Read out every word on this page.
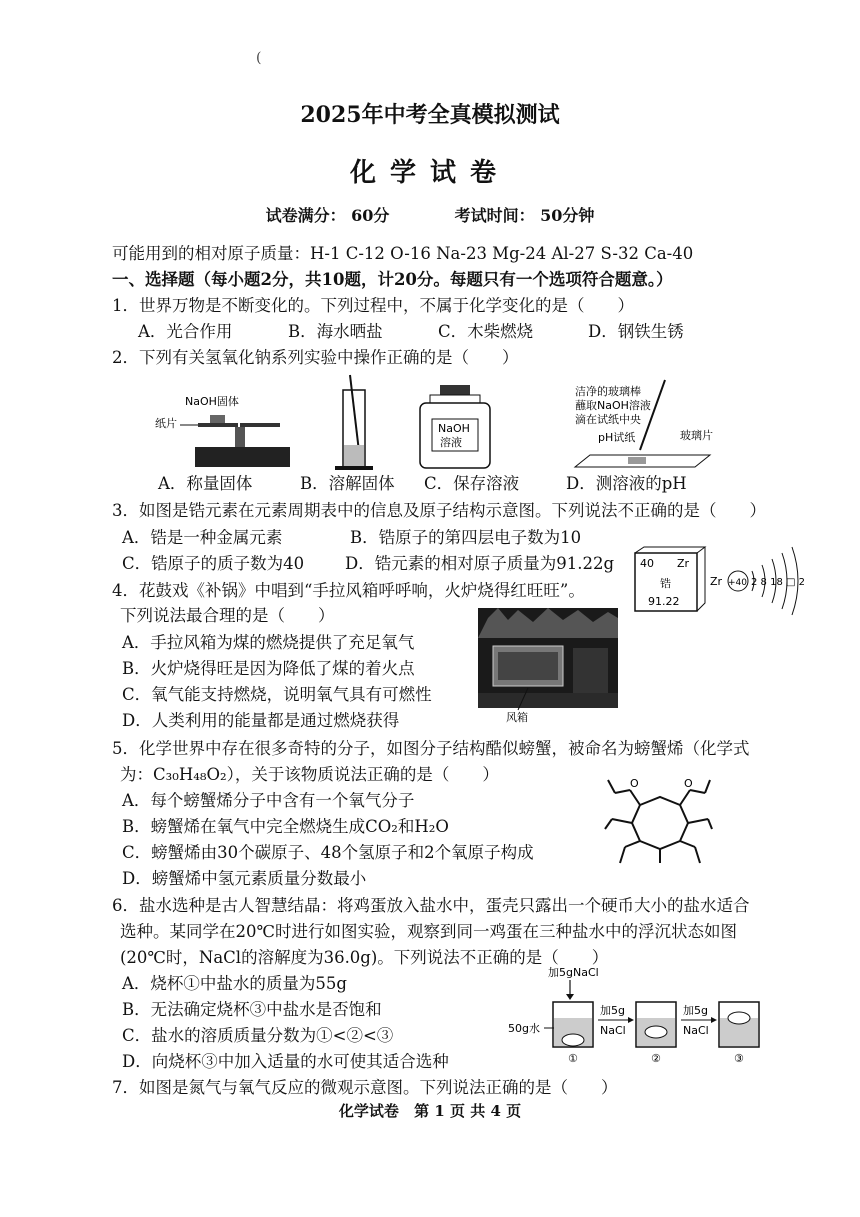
(
2025年中考全真模拟测试
化学试卷
试卷满分： 60分	考试时间： 50分钟
可能用到的相对原子质量：H-1 C-12 O-16 Na-23 Mg-24 Al-27 S-32 Ca-40
一、选择题（每小题2分，共10题，计20分。每题只有一个选项符合题意。）
1．世界万物是不断变化的。下列过程中，不属于化学变化的是（　　）
A．光合作用	B．海水晒盐	C．木柴燃烧	D．钢铁生锈
2．下列有关氢氧化钠系列实验中操作正确的是（　　）
NaOH固体
纸片	NaOH
溶液
洁净的玻璃棒
蘸取NaOH溶液
滴在试纸中央
pH试纸	玻璃片
A．称量固体	B．溶解固体 C．保存溶液	D．测溶液的pH
3．如图是锆元素在元素周期表中的信息及原子结构示意图。下列说法不正确的是（　　）
A．锆是一种金属元素	B．锆原子的第四层电子数为10
C．锆原子的质子数为40 D．锆元素的相对原子质量为91.22g 40 Zr
锆
91.22
Zr +40 2 8 18 □ 2
4．花鼓戏《补锅》中唱到“手拉风箱呼呼响，火炉烧得红旺旺”。
下列说法最合理的是（　　）
A．手拉风箱为煤的燃烧提供了充足氧气
B．火炉烧得旺是因为降低了煤的着火点
C．氧气能支持燃烧，说明氧气具有可燃性
D．人类利用的能量都是通过燃烧获得	风箱
5．化学世界中存在很多奇特的分子，如图分子结构酷似螃蟹，被命名为螃蟹烯（化学式
为：C₃₀H₄₈O₂），关于该物质说法正确的是（　　）
A．每个螃蟹烯分子中含有一个氧气分子
B．螃蟹烯在氧气中完全燃烧生成CO₂和H₂O
C．螃蟹烯由30个碳原子、48个氢原子和2个氧原子构成
D．螃蟹烯中氢元素质量分数最小
O	O
6．盐水选种是古人智慧结晶：将鸡蛋放入盐水中，蛋壳只露出一个硬币大小的盐水适合
选种。某同学在20℃时进行如图实验，观察到同一鸡蛋在三种盐水中的浮沉状态如图
(20℃时，NaCl的溶解度为36.0g)。下列说法不正确的是（　　）
A．烧杯①中盐水的质量为55g
B．无法确定烧杯③中盐水是否饱和
C．盐水的溶质质量分数为①<②<③
D．向烧杯③中加入适量的水可使其适合选种
加5gNaCl
50g水
①
加5g
NaCl
②
加5g
NaCl
③
7．如图是氮气与氧气反应的微观示意图。下列说法正确的是（　　）
化学试卷 第 1 页 共 4 页
